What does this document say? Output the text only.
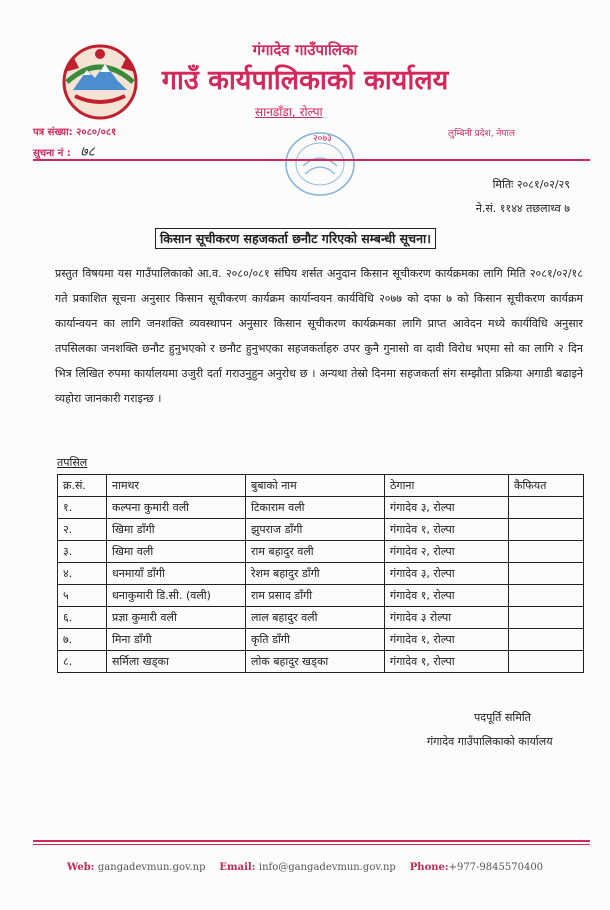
गंगादेव गाउँपालिका
गाउँ कार्यपालिकाको कार्यालय
सानडाँडा, रोल्पा
२०७३	लुम्बिनी प्रदेश, नेपाल
पत्र संख्या: २०८०/०८१
सुचना नं : ७८
मितिः २०८१/०२/२९
ने.सं. ११४४ तछलाथ्व ७
किसान सूचीकरण सहजकर्ता छनौट गरिएको सम्बन्धी सूचना।
प्रस्तुत विषयमा यस गाउँपालिकाको आ.व. २०८०/०८१ संघिय शर्सत अनुदान किसान सूचीकरण कार्यक्रमका लागि मिति २०८१/०२/१८ गते प्रकाशित सूचना अनुसार किसान सूचीकरण कार्यक्रम कार्यान्वयन कार्यविधि २०७७ को दफा ७ को किसान सूचीकरण कार्यक्रम कार्यान्वयन का लागि जनशक्ति व्यवस्थापन अनुसार किसान सूचीकरण कार्यक्रमका लागि प्राप्त आवेदन मध्ये कार्यविधि अनुसार तपसिलका जनशक्ति छनौट हुनुभएको र छनौट हुनुभएका सहजकर्ताहरु उपर कुनै गुनासो वा दावी विरोध भएमा सो का लागि २ दिन भित्र लिखित रुपमा कार्यालयमा उजुरी दर्ता गराउनुहुन अनुरोध छ । अन्यथा तेस्रो दिनमा सहजकर्ता संग सम्झौता प्रक्रिया अगाडी बढाइने व्यहोरा जानकारी गराइन्छ ।
तपसिल
क्र.सं.	नामथर	बुबाको नाम	ठेगाना	कैफियत
१.	कल्पना कुमारी वली	टिकाराम वली	गंगादेव ३, रोल्पा	
२.	खिमा डाँगी	झुपराज डाँगी	गंगादेव १, रोल्पा	
३.	खिमा वली	राम बहादुर वली	गंगादेव २, रोल्पा	
४.	धनमायाँ डाँगी	रेशम बहादुर डाँगी	गंगादेव ३, रोल्पा	
५	धनाकुमारी डि.सी. (वली)	राम प्रसाद डाँगी	गंगादेव १, रोल्पा	
६.	प्रज्ञा कुमारी वली	लाल बहादुर वली	गंगादेव ३ रोल्पा	
७.	मिना डाँगी	कृति डाँगी	गंगादेव १, रोल्पा	
८.	सर्मिला खड्का	लोक बहादुर खड्का	गंगादेव १, रोल्पा	
पदपूर्ति समिति
गंगादेव गाउँपालिकाको कार्यालय
Web: gangadevmun.gov.np Email: info@gangadevmun.gov.np Phone:+977-9845570400
